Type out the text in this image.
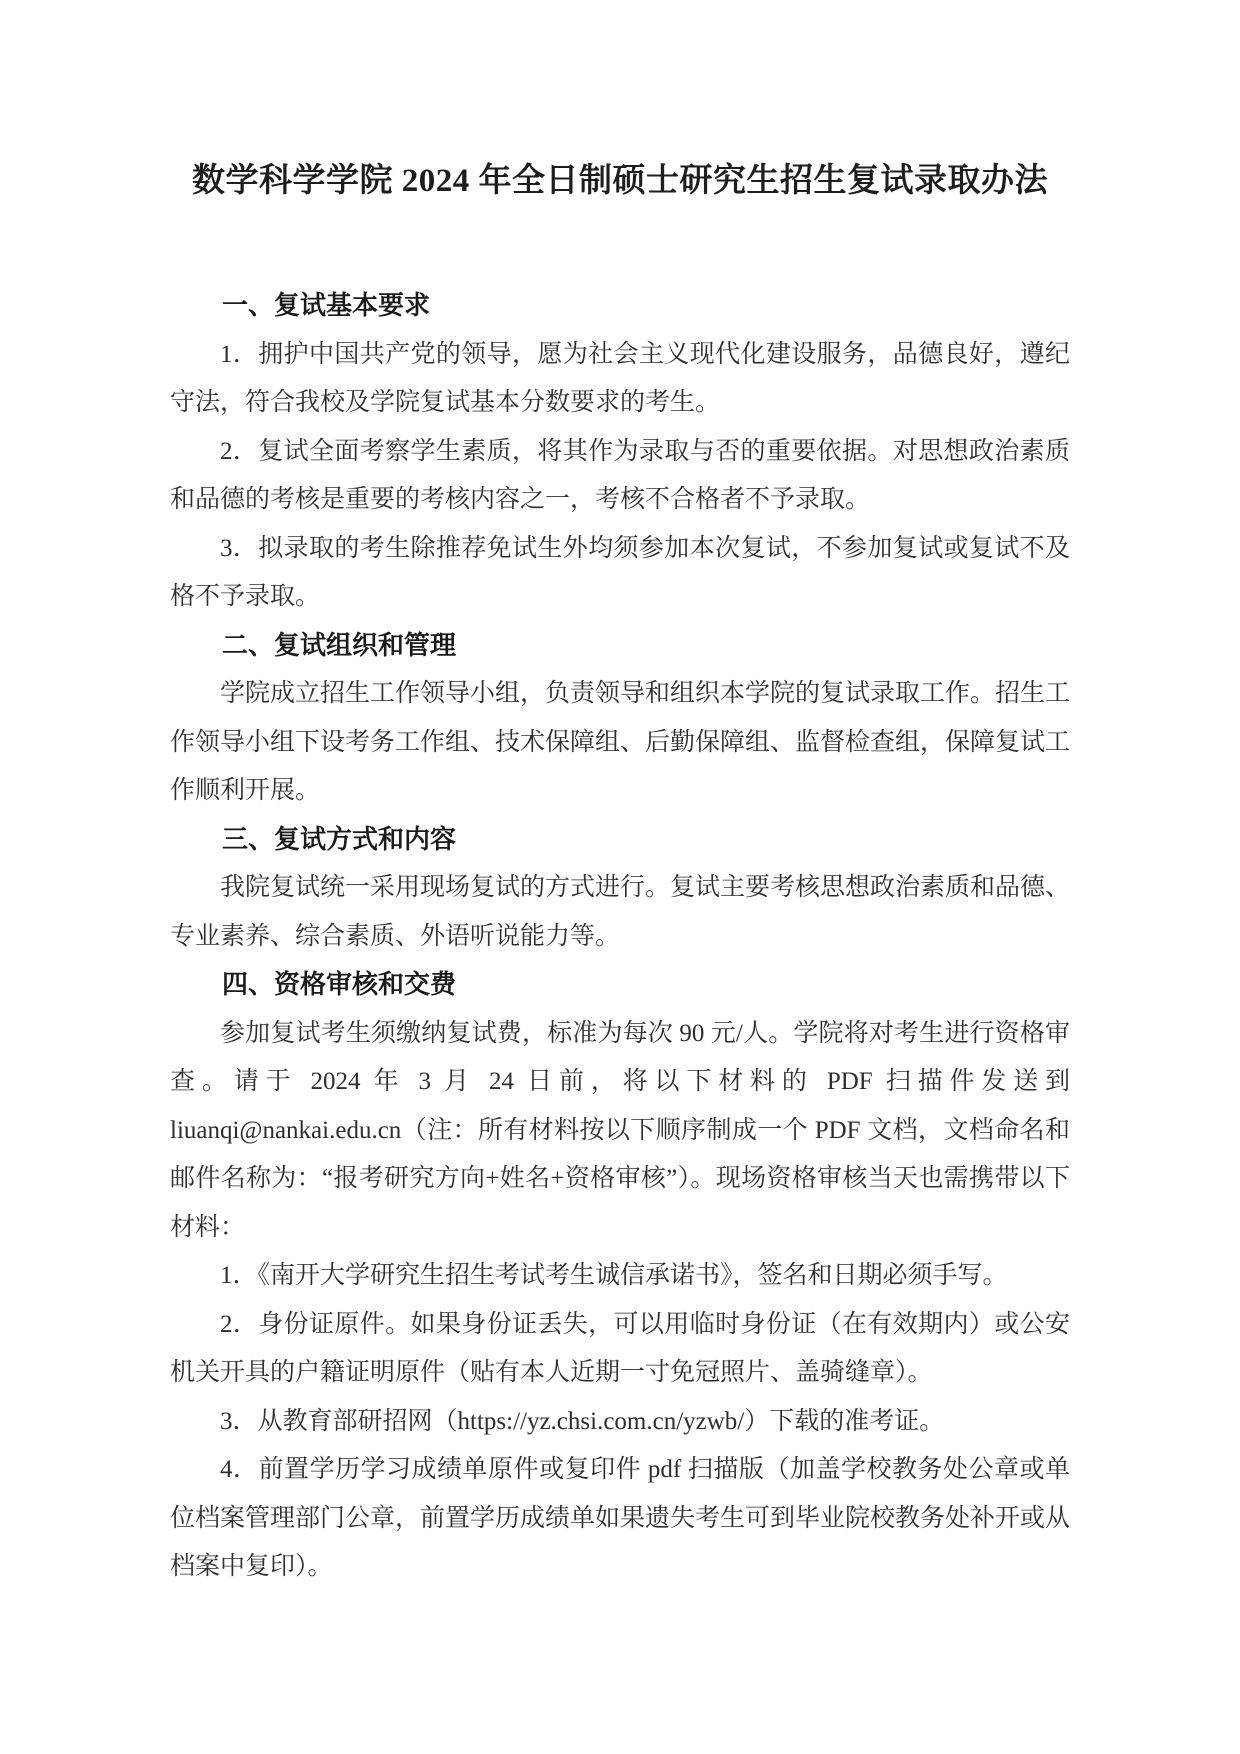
数学科学学院 2024 年全日制硕士研究生招生复试录取办法
一、复试基本要求

1．拥护中国共产党的领导，愿为社会主义现代化建设服务，品德良好，遵纪守法，符合我校及学院复试基本分数要求的考生。

2．复试全面考察学生素质，将其作为录取与否的重要依据。对思想政治素质和品德的考核是重要的考核内容之一，考核不合格者不予录取。

3．拟录取的考生除推荐免试生外均须参加本次复试，不参加复试或复试不及格不予录取。

二、复试组织和管理

学院成立招生工作领导小组，负责领导和组织本学院的复试录取工作。招生工作领导小组下设考务工作组、技术保障组、后勤保障组、监督检查组，保障复试工作顺利开展。

三、复试方式和内容

我院复试统一采用现场复试的方式进行。复试主要考核思想政治素质和品德、专业素养、综合素质、外语听说能力等。

四、资格审核和交费

参加复试考生须缴纳复试费，标准为每次 90 元/人。学院将对考生进行资格审查。请于 2024 年 3 月 24 日前，将以下材料的 PDF 扫描件发送到 liuanqi@nankai.edu.cn（注：所有材料按以下顺序制成一个 PDF 文档，文档命名和邮件名称为：“报考研究方向+姓名+资格审核”）。现场资格审核当天也需携带以下材料：

1．《南开大学研究生招生考试考生诚信承诺书》，签名和日期必须手写。

2．身份证原件。如果身份证丢失，可以用临时身份证（在有效期内）或公安机关开具的户籍证明原件（贴有本人近期一寸免冠照片、盖骑缝章）。

3．从教育部研招网（https://yz.chsi.com.cn/yzwb/）下载的准考证。

4．前置学历学习成绩单原件或复印件 pdf 扫描版（加盖学校教务处公章或单位档案管理部门公章，前置学历成绩单如果遗失考生可到毕业院校教务处补开或从档案中复印）。
